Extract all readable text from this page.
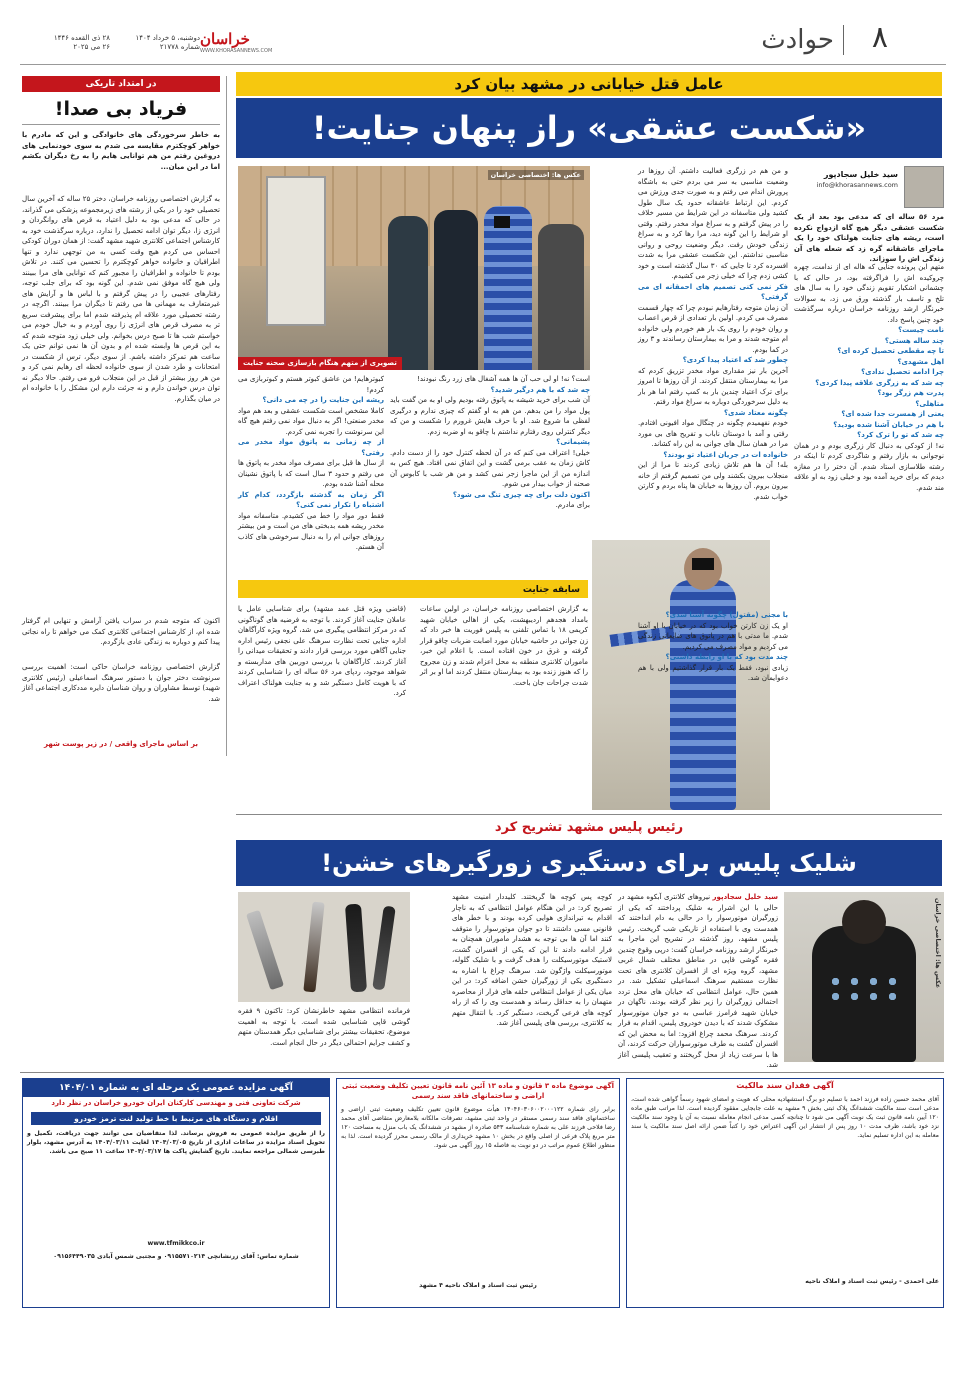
۸
حوادث
خراسان
WWW.KHORASANNEWS.COM
دوشنبه، ۵ خرداد ۱۴۰۴
شماره ۲۱۷۷۸
۲۸ ذی القعده ۱۴۴۶
۲۶ می ۲۰۲۵
در امتداد تاریکی
فریاد بی صدا!
به خاطر سرخوردگی های خانوادگی و این که مادرم با خواهر کوچکترم مقایسه می شدم به سوی خودنمایی های دروغین رفتم من هم توانایی هایم را به رخ دیگران بکشم اما در این میان...
به گزارش اختصاصی روزنامه خراسان، دختر ۲۵ ساله که آخرین سال تحصیلی خود را در یکی از رشته های زیرمجموعه پزشکی می گذراند، در حالی که مدعی بود به دلیل اعتیاد به قرص های روانگردان و انرژی زا، دیگر توان ادامه تحصیل را ندارد، درباره سرگذشت خود به کارشناس اجتماعی کلانتری شهید مشهد گفت: از همان دوران کودکی احساس می کردم هیچ وقت کسی به من توجهی ندارد و تنها اطرافیان و خانواده خواهر کوچکترم را تحسین می کنند. در تلاش بودم تا خانواده و اطرافیان را مجبور کنم که توانایی های مرا ببینند ولی هیچ گاه موفق نمی شدم. این گونه بود که برای جلب توجه، رفتارهای عجیبی را در پیش گرفتم و با لباس ها و آرایش های غیرمتعارف به مهمانی ها می رفتم تا دیگران مرا ببینند. اگرچه در رشته تحصیلی مورد علاقه ام پذیرفته شدم اما برای پیشرفت سریع تر به مصرف قرص های انرژی زا روی آوردم و به خیال خودم می خواستم شب ها تا صبح درس بخوانم. ولی خیلی زود متوجه شدم که به این قرص ها وابسته شده ام و بدون آن ها نمی توانم حتی یک ساعت هم تمرکز داشته باشم. از سوی دیگر، ترس از شکست در امتحانات و طرد شدن از سوی خانواده لحظه ای رهایم نمی کرد و من هر روز بیشتر از قبل در این منجلاب فرو می رفتم. حالا دیگر نه توان درس خواندن دارم و نه جرئت دارم این مشکل را با خانواده ام در میان بگذارم.
اکنون که متوجه شدم در سراب یافتن آرامش و تنهایی ام گرفتار شده ام، از کارشناس اجتماعی کلانتری کمک می خواهم تا راه نجاتی پیدا کنم و دوباره به زندگی عادی بازگردم.
گزارش اختصاصی روزنامه خراسان حاکی است: اهمیت بررسی سرنوشت دختر جوان با دستور سرهنگ اسماعیلی (رئیس کلانتری شهید) توسط مشاوران و روان شناسان دایره مددکاری اجتماعی آغاز شد.
بر اساس ماجرای واقعی / در زیر پوست شهر
عامل قتل خیابانی در مشهد بیان کرد
«شکست عشقی» راز پنهان جنایت!
سید خلیل سجادپور
info@khorasannews.com
مرد ۵۶ ساله ای که مدعی بود بعد از یک شکست عشقی دیگر هیچ گاه ازدواج نکرده است، ریشه های جنایت هولناک خود را یک ماجرای عاشقانه گره زد که شعله های آن زندگی اش را سوزاند.
متهم این پرونده جنایی که هاله ای از ندامت، چهره چروکیده اش را فراگرفته بود، در حالی که با چشمانی اشکبار تقویم زندگی خود را به سال های تلخ و تاسف بار گذشته ورق می زد، به سوالات خبرنگار ارشد روزنامه خراسان درباره سرگذشت خود چنین پاسخ داد.
نامت چیست؟
چند ساله هستی؟
تا چه مقطعی تحصیل کرده ای؟
اهل مشهدی؟
چرا ادامه تحصیل ندادی؟
چه شد که به زرگری علاقه پیدا کردی؟
پدرت هم زرگر بود؟
متاهلی؟
یعنی از همسرت جدا شده ای؟
با هم در خیابان آشنا شده بودید؟
چه شد که تو را ترک کرد؟
نه! از کودکی به دنبال کار زرگری بودم و در همان نوجوانی به بازار رفتم و شاگردی کردم تا اینکه در رشته طلاسازی استاد شدم. آن دختر را در مغازه دیدم که برای خرید آمده بود و خیلی زود به او علاقه مند شدم.
و من هم در زرگری فعالیت داشتم. آن روزها در وضعیت مناسبی به سر می بردم حتی به باشگاه پرورش اندام می رفتم و به صورت جدی ورزش می کردم. این ارتباط عاشقانه حدود یک سال طول کشید ولی متاسفانه در این شرایط من مسیر خلاف را در پیش گرفتم و به سراغ مواد مخدر رفتم. وقتی او شرایط را این گونه دید، مرا رها کرد و به سراغ زندگی خودش رفت. دیگر وضعیت روحی و روانی مناسبی نداشتم. این شکست عشقی مرا به شدت افسرده کرد تا جایی که ۳۰ سال گذشته است و خود کشی زدم چرا که خیلی زجر می کشیدم.
فکر نمی کنی تصمیم های احمقانه ای می گرفتی؟
آن زمان متوجه رفتارهایم نبودم چرا که چهار قسمت مصرف می کردم. اولین بار تعدادی از قرص اعصاب و روان خودم را روی یک بار هم خوردم ولی خانواده ام متوجه شدند و مرا به بیمارستان رساندند و ۳ روز در کما بودم.
چطور شد که اعتیاد پیدا کردی؟
آخرین بار نیز مقداری مواد مخدر تزریق کردم که مرا به بیمارستان منتقل کردند. از آن روزها تا امروز برای ترک اعتیاد چندین بار به کمپ رفتم اما هر بار به دلیل سرخوردگی دوباره به سراغ مواد رفتم.
چگونه معتاد شدی؟
خودم نفهمیدم چگونه در چنگال مواد افیونی افتادم. رفتی و آمد با دوستان ناباب و تفریح های بی مورد مرا در همان سال های جوانی به این راه کشاند.
خانواده ات در جریان اعتیاد تو بودند؟
بله! آن ها هم تلاش زیادی کردند تا مرا از این منجلاب بیرون بکشند ولی من تصمیم گرفتم از خانه بیرون بروم. آن روزها به خیابان ها پناه بردم و کارتن خواب شدم.
با مجنی (مقتول) چگونه آشنا شدی؟
او یک زن کارتن خواب بود که در خیابان با او آشنا شدم. ما مدتی با هم در پاتوق های ضایعاتی زندگی می کردیم و مواد مصرف می کردیم.
چند مدت بود که با او رابطه داشتی؟
زیادی نبود، فقط یک بار قرار گذاشتیم ولی با هم دعوایمان شد.
عکس ها: اختصاصی خراسان
تصویری از متهم هنگام بازسازی صحنه جنایت
است؟ نه! او لی حب آن ها همه آشغال های زرد رنگ نبودند!
چه شد که با هم درگیر شدید؟
آن شب برای خرید شیشه به پاتوق رفته بودیم ولی او به من گفت باید پول مواد را من بدهم. من هم به او گفتم که چیزی ندارم و درگیری لفظی ما شروع شد. او با حرف هایش غرورم را شکست و من که دیگر کنترلی روی رفتارم نداشتم با چاقو به او ضربه زدم.
پشیمانی؟
خیلی! اعتراف می کنم که در آن لحظه کنترل خود را از دست دادم. کاش زمان به عقب برمی گشت و این اتفاق نمی افتاد. هیچ کس به اندازه من از این ماجرا زجر نمی کشد و من هر شب با کابوس آن صحنه از خواب بیدار می شوم.
اکنون دلت برای چه چیزی تنگ می شود؟
برای مادرم.
کبوترهایم! من عاشق کبوتر هستم و کبوتربازی می کردم!
ریشه این جنایت را در چه می دانی؟
کاملا مشخص است شکست عشقی و بعد هم مواد مخدر صنعتی! اگر به دنبال مواد نمی رفتم هیچ گاه این سرنوشت را تجربه نمی کردم.
از چه زمانی به پاتوق مواد مخدر می رفتی؟
از سال ها قبل برای مصرف مواد مخدر به پاتوق ها می رفتم و حدود ۳ سال است که با پاتوق نشینان محله آشنا شده بودم.
اگر زمان به گذشته بازگردد، کدام کار اشتباه را تکرار نمی کنی؟
فقط دور مواد را خط می کشیدم. متاسفانه مواد مخدر ریشه همه بدبختی های من است و من بیشتر روزهای جوانی ام را به دنبال سرخوشی های کاذب آن هستم.
سابقه جنایت
به گزارش اختصاصی روزنامه خراسان، در اولین ساعات بامداد هجدهم اردیبهشت، یکی از اهالی خیابان شهید کریمی ۱۸ با تماس تلفنی به پلیس فوریت ها خبر داد که زن جوانی در حاشیه خیابان مورد اصابت ضربات چاقو قرار گرفته و غرق در خون افتاده است. با اعلام این خبر، ماموران کلانتری منطقه به محل اعزام شدند و زن مجروح را که هنوز زنده بود به بیمارستان منتقل کردند اما او بر اثر شدت جراحات جان باخت.
(قاضی ویژه قتل عمد مشهد) برای شناسایی عامل یا عاملان جنایت آغاز کردند. با توجه به فرضیه های گوناگونی که در مرکز انتظامی پیگیری می شد، گروه ویژه کارآگاهان اداره جنایی تحت نظارت سرهنگ علی نجفی رئیس اداره جنایی آگاهی مورد بررسی قرار دادند و تحقیقات میدانی را آغاز کردند. کارآگاهان با بررسی دوربین های مداربسته و شواهد موجود، ردپای مرد ۵۶ ساله ای را شناسایی کردند که با هویت کامل دستگیر شد و به جنایت هولناک اعتراف کرد.
رئیس پلیس مشهد تشریح کرد
شلیک پلیس برای دستگیری زورگیرهای خشن!
عکس ها: اختصاصی خراسان
سید خلیل سجادپور نیروهای کلانتری آبکوه مشهد در حالی با این اشرار به شلیک پرداختند که یکی از زورگیران موتورسوار را در حالی به دام انداختند که همدست وی با استفاده از تاریکی شب گریخت. رئیس پلیس مشهد، روز گذشته در تشریح این ماجرا به خبرنگار ارشد روزنامه خراسان گفت: درپی وقوع چندین فقره گوشی قاپی در مناطق مختلف شمال غربی مشهد، گروه ویژه ای از افسران کلانتری های تحت نظارت مستقیم سرهنگ اسماعیلی تشکیل شد. در همین حال، عوامل انتظامی که خیابان های محل تردد احتمالی زورگیران را زیر نظر گرفته بودند، ناگهان در خیابان شهید فرامرز عباسی به دو جوان موتورسوار مشکوک شدند که با دیدن خودروی پلیس، اقدام به فرار کردند. سرهنگ محمد چراغ افزود: اما به محض این که افسران گشت به طرف موتورسواران حرکت کردند، آن ها با سرعت زیاد از محل گریختند و تعقیب پلیسی آغاز شد.
کوچه پس کوچه ها گریختند. کلیددار امنیت مشهد تصریح کرد: در این هنگام عوامل انتظامی که به ناچار اقدام به تیراندازی هوایی کرده بودند و با خطر های قانونی مسی داشتند تا دو جوان موتورسوار را متوقف کنند اما آن ها بی توجه به هشدار ماموران همچنان به فرار ادامه دادند تا این که یکی از افسران گشت، لاستیک موتورسیکلت را هدف گرفت و با شلیک گلوله، موتورسیکلت واژگون شد. سرهنگ چراغ با اشاره به دستگیری یکی از زورگیران خشن اضافه کرد: در این میان یکی از عوامل انتظامی حلقه های فرار از محاصره متهمان را به حداقل رساند و همدست وی را که از راه کوچه های فرعی گریخت، دستگیر کرد. با انتقال متهم به کلانتری، بررسی های پلیسی آغاز شد.
فرمانده انتظامی مشهد خاطرنشان کرد: تاکنون ۹ فقره گوشی قاپی شناسایی شده است. با توجه به اهمیت موضوع، تحقیقات بیشتر برای شناسایی دیگر همدستان متهم و کشف جرایم احتمالی دیگر در حال انجام است.
آگهی مزایده عمومی یک مرحله ای به شماره ۱۴۰۴/۰۱
شرکت تعاونی فنی و مهندسی کارکنان ایران خودرو خراسان در نظر دارد
اقلام و دستگاه های مرتبط با خط تولید لنت ترمز خودرو
را از طریق مزایده عمومی به فروش برساند. لذا متقاضیان می توانند جهت دریافت، تکمیل و تحویل اسناد مزایده در ساعات اداری از تاریخ ۱۴۰۴/۰۳/۰۵ لغایت ۱۴۰۴/۰۳/۱۱ به آدرس مشهد، بلوار طبرسی شمالی مراجعه نمایند. تاریخ گشایش پاکت ها ۱۴۰۴/۰۳/۱۷ ساعت ۱۱ صبح می باشد.
www.tfmikkco.ir
شماره تماس: آقای زرنشانچی ۰۹۱۵۵۷۱۰۲۱۴ و مجتبی شمس آبادی ۰۹۱۵۶۴۴۹۰۳۵
آگهی موضوع ماده ۳ قانون و ماده ۱۳ آئین نامه قانون تعیین تکلیف وضعیت ثبتی اراضی و ساختمانهای فاقد سند رسمی
برابر رای شماره ۱۴۰۴۶۰۳۰۶۰۰۲۰۰۰۱۲۲ هیأت موضوع قانون تعیین تکلیف وضعیت ثبتی اراضی و ساختمانهای فاقد سند رسمی مستقر در واحد ثبتی مشهد، تصرفات مالکانه بلامعارض متقاضی آقای محمد رضا فلاحی فرزند علی به شماره شناسنامه ۵۴۳ صادره از مشهد در ششدانگ یک باب منزل به مساحت ۱۲۰ متر مربع پلاک فرعی از اصلی واقع در بخش ۱۰ مشهد خریداری از مالک رسمی محرز گردیده است. لذا به منظور اطلاع عموم مراتب در دو نوبت به فاصله ۱۵ روز آگهی می شود.
رئیس ثبت اسناد و املاک ناحیه ۴ مشهد
آگهی فقدان سند مالکیت
آقای محمد حسین زاده فرزند احمد با تسلیم دو برگ استشهادیه محلی که هویت و امضای شهود رسماً گواهی شده است، مدعی است سند مالکیت ششدانگ پلاک ثبتی بخش ۹ مشهد به علت جابجایی مفقود گردیده است. لذا مراتب طبق ماده ۱۲۰ آیین نامه قانون ثبت یک نوبت آگهی می شود تا چنانچه کسی مدعی انجام معامله نسبت به آن یا وجود سند مالکیت نزد خود باشد، ظرف مدت ۱۰ روز پس از انتشار این آگهی اعتراض خود را کتباً ضمن ارائه اصل سند مالکیت یا سند معامله به این اداره تسلیم نماید.
علی احمدی - رئیس ثبت اسناد و املاک ناحیه
